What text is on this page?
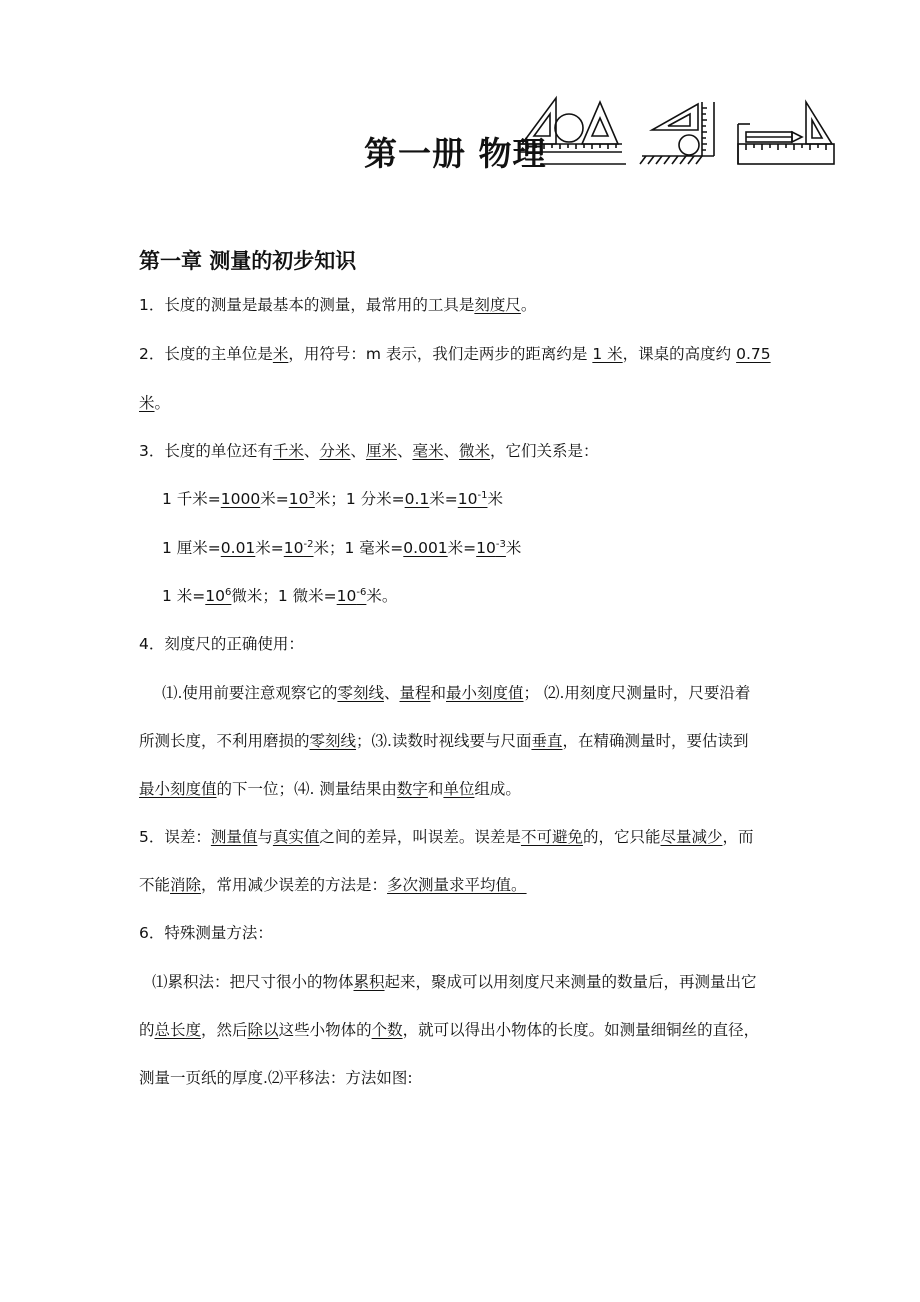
第一册 物理
第一章 测量的初步知识
1．长度的测量是最基本的测量，最常用的工具是刻度尺。
2．长度的主单位是米，用符号：m 表示，我们走两步的距离约是 1 米，课桌的高度约 0.75
米。
3．长度的单位还有千米、分米、厘米、毫米、微米，它们关系是：
1 千米=1000米$=10^3$米；1 分米=0.1米$=10^{-1}$米
1 厘米=0.01米$=10^{-2}$米；1 毫米=0.001米$=10^{-3}$米
1 米$=10^6$微米；1 微米$=10^{-6}$米。
4．刻度尺的正确使用：
⑴.使用前要注意观察它的零刻线、量程和最小刻度值； ⑵.用刻度尺测量时，尺要沿着
所测长度，不利用磨损的零刻线；⑶.读数时视线要与尺面垂直，在精确测量时，要估读到
最小刻度值的下一位；⑷. 测量结果由数字和单位组成。
5．误差：测量值与真实值之间的差异，叫误差。误差是不可避免的，它只能尽量减少，而
不能消除，常用减少误差的方法是：多次测量求平均值。
6．特殊测量方法：
⑴累积法：把尺寸很小的物体累积起来，聚成可以用刻度尺来测量的数量后，再测量出它
的总长度，然后除以这些小物体的个数，就可以得出小物体的长度。如测量细铜丝的直径，
测量一页纸的厚度.⑵平移法：方法如图:
